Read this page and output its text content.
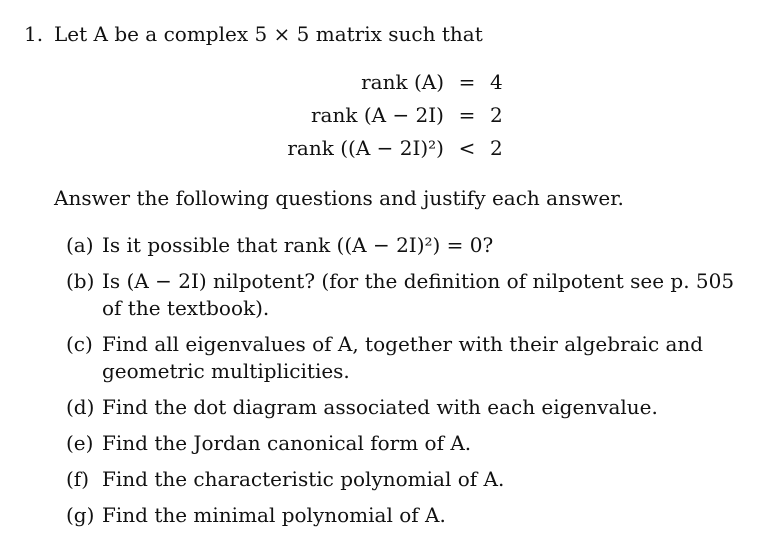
1. Let A be a complex 5 × 5 matrix such that
rank (A) = 4
rank (A − 2I) = 2
rank ((A − 2I)²) < 2
Answer the following questions and justify each answer.
(a) Is it possible that rank ((A − 2I)²) = 0?
(b) Is (A − 2I) nilpotent? (for the definition of nilpotent see p. 505 of the textbook).
(c) Find all eigenvalues of A, together with their algebraic and geometric multiplicities.
(d) Find the dot diagram associated with each eigenvalue.
(e) Find the Jordan canonical form of A.
(f) Find the characteristic polynomial of A.
(g) Find the minimal polynomial of A.
